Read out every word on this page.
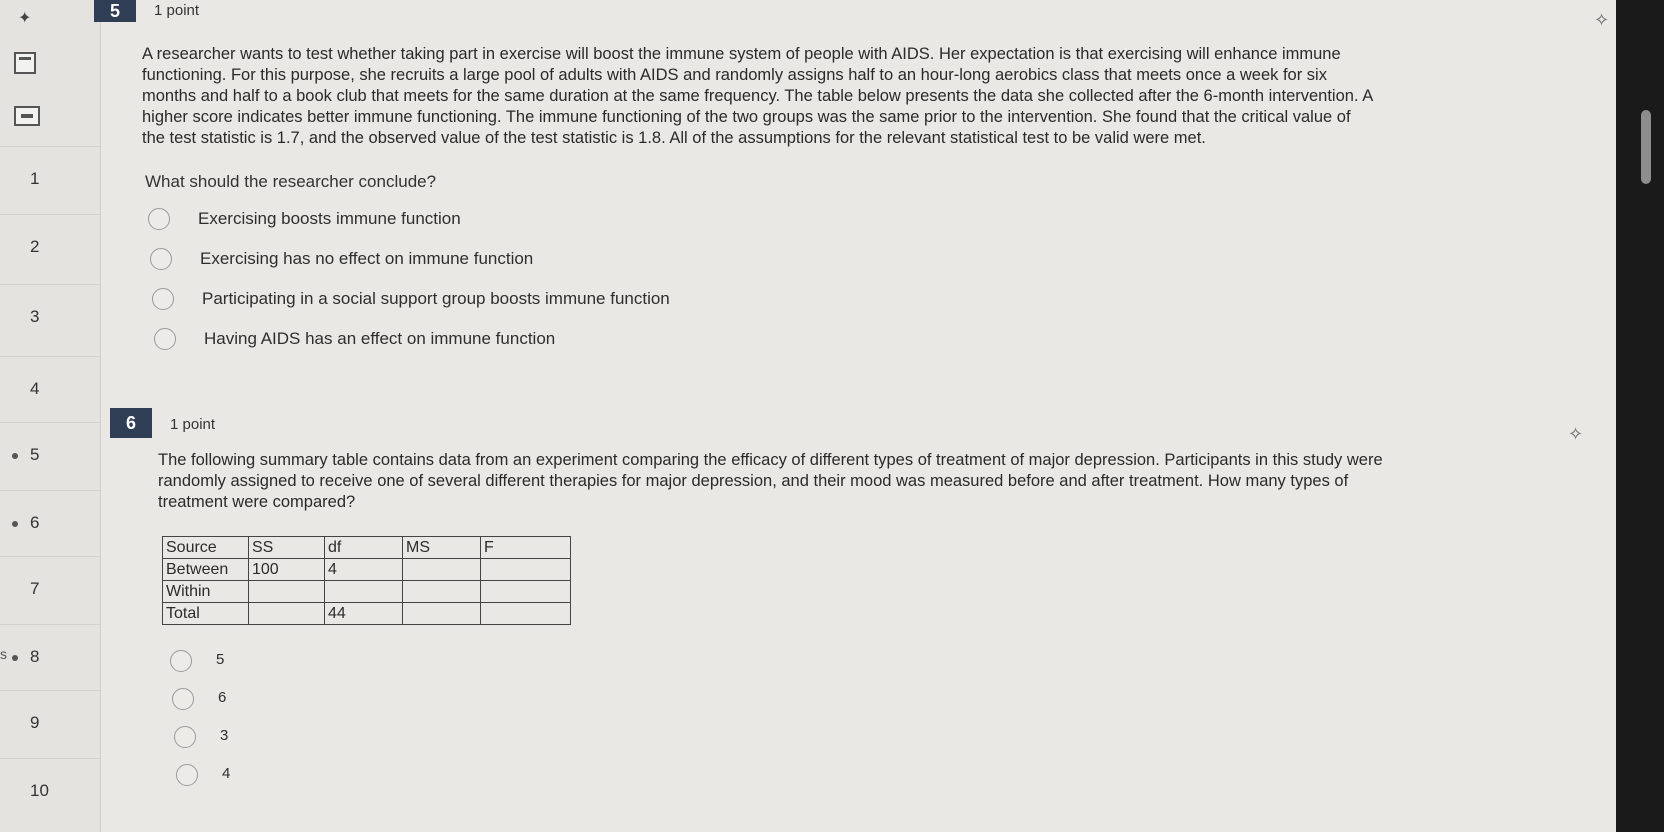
✦
1
2
3
4
5
6
7
8
9
10
s
5	1 point	✧
A researcher wants to test whether taking part in exercise will boost the immune system of people with AIDS. Her expectation is that exercising will enhance immune
functioning. For this purpose, she recruits a large pool of adults with AIDS and randomly assigns half to an hour-long aerobics class that meets once a week for six
months and half to a book club that meets for the same duration at the same frequency. The table below presents the data she collected after the 6-month intervention. A
higher score indicates better immune functioning. The immune functioning of the two groups was the same prior to the intervention. She found that the critical value of
the test statistic is 1.7, and the observed value of the test statistic is 1.8. All of the assumptions for the relevant statistical test to be valid were met.
What should the researcher conclude?
Exercising boosts immune function
Exercising has no effect on immune function
Participating in a social support group boosts immune function
Having AIDS has an effect on immune function
6	1 point	✧
The following summary table contains data from an experiment comparing the efficacy of different types of treatment of major depression. Participants in this study were
randomly assigned to receive one of several different therapies for major depression, and their mood was measured before and after treatment. How many types of
treatment were compared?
Source	SS	df	MS	F
Between	100	4		
Within				
Total		44		
5
6
3
4
